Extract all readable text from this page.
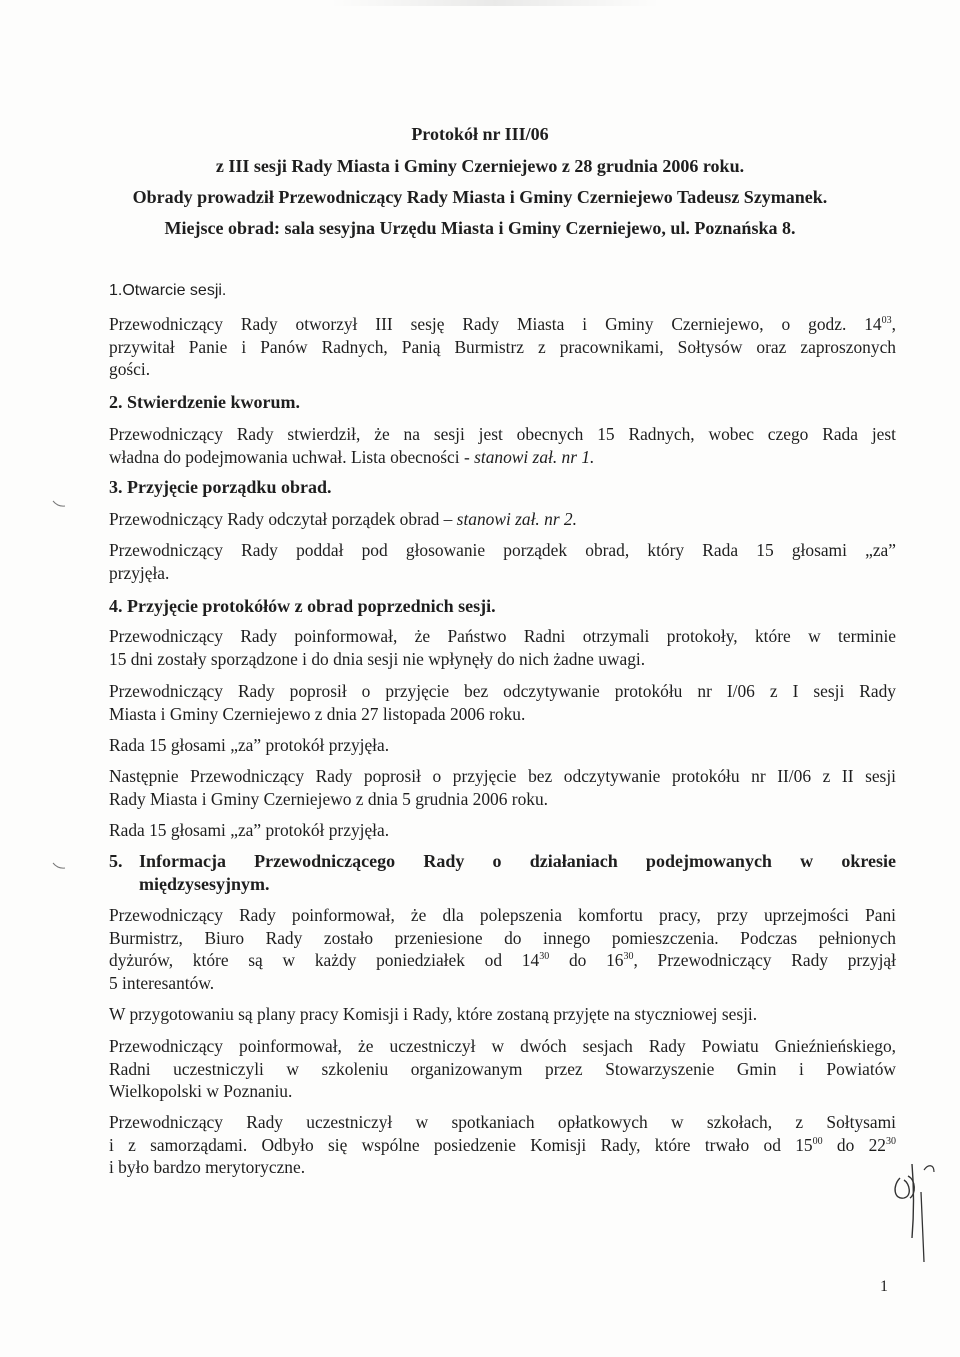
Protokół nr III/06
z III sesji Rady Miasta i Gminy Czerniejewo z 28 grudnia 2006 roku.
Obrady prowadził Przewodniczący Rady Miasta i Gminy Czerniejewo Tadeusz Szymanek.
Miejsce obrad: sala sesyjna Urzędu Miasta i Gminy Czerniejewo, ul. Poznańska 8.
1.Otwarcie sesji.
Przewodniczący Rady otworzył III sesję Rady Miasta i Gminy Czerniejewo, o godz. $14^{03}$,
przywitał Panie i Panów Radnych, Panią Burmistrz z pracownikami, Sołtysów oraz zaproszonych
gości.
2. Stwierdzenie kworum.
Przewodniczący Rady stwierdził, że na sesji jest obecnych 15 Radnych, wobec czego Rada jest
władna do podejmowania uchwał. Lista obecności - stanowi zał. nr 1.
3. Przyjęcie porządku obrad.
Przewodniczący Rady odczytał porządek obrad – stanowi zał. nr 2.
Przewodniczący Rady poddał pod głosowanie porządek obrad, który Rada 15 głosami „za”
przyjęła.
4. Przyjęcie protokółów z obrad poprzednich sesji.
Przewodniczący Rady poinformował, że Państwo Radni otrzymali protokoły, które w terminie
15 dni zostały sporządzone i do dnia sesji nie wpłynęły do nich żadne uwagi.
Przewodniczący Rady poprosił o przyjęcie bez odczytywanie protokółu nr I/06 z I sesji Rady
Miasta i Gminy Czerniejewo z dnia 27 listopada 2006 roku.
Rada 15 głosami „za” protokół przyjęła.
Następnie Przewodniczący Rady poprosił o przyjęcie bez odczytywanie protokółu nr II/06 z II sesji
Rady Miasta i Gminy Czerniejewo z dnia 5 grudnia 2006 roku.
Rada 15 głosami „za” protokół przyjęła.
5. Informacja Przewodniczącego Rady o działaniach podejmowanych w okresie
międzysesyjnym.
Przewodniczący Rady poinformował, że dla polepszenia komfortu pracy, przy uprzejmości Pani
Burmistrz, Biuro Rady zostało przeniesione do innego pomieszczenia. Podczas pełnionych
dyżurów, które są w każdy poniedziałek od $14^{30}$ do $16^{30}$, Przewodniczący Rady przyjął
5 interesantów.
W przygotowaniu są plany pracy Komisji i Rady, które zostaną przyjęte na styczniowej sesji.
Przewodniczący poinformował, że uczestniczył w dwóch sesjach Rady Powiatu Gnieźnieńskiego,
Radni uczestniczyli w szkoleniu organizowanym przez Stowarzyszenie Gmin i Powiatów
Wielkopolski w Poznaniu.
Przewodniczący Rady uczestniczył w spotkaniach opłatkowych w szkołach, z Sołtysami
i z samorządami. Odbyło się wspólne posiedzenie Komisji Rady, które trwało od $15^{00}$ do $22^{30}$
i było bardzo merytoryczne.
1
